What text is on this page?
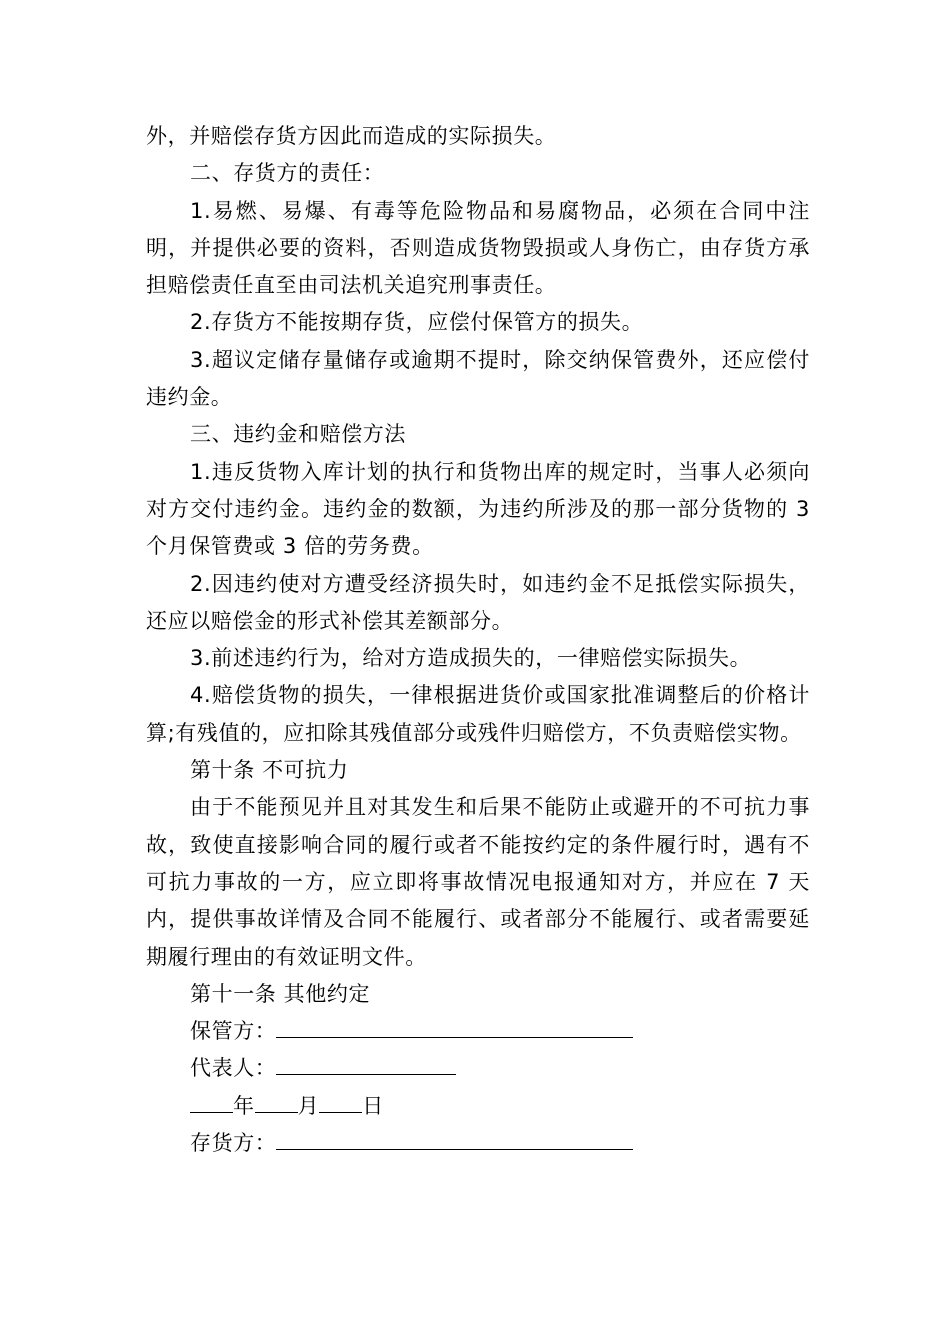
外，并赔偿存货方因此而造成的实际损失。

二、存货方的责任：

1.易燃、易爆、有毒等危险物品和易腐物品，必须在合同中注明，并提供必要的资料，否则造成货物毁损或人身伤亡，由存货方承担赔偿责任直至由司法机关追究刑事责任。

2.存货方不能按期存货，应偿付保管方的损失。

3.超议定储存量储存或逾期不提时，除交纳保管费外，还应偿付违约金。

三、违约金和赔偿方法

1.违反货物入库计划的执行和货物出库的规定时，当事人必须向对方交付违约金。违约金的数额，为违约所涉及的那一部分货物的 3 个月保管费或 3 倍的劳务费。

2.因违约使对方遭受经济损失时，如违约金不足抵偿实际损失，还应以赔偿金的形式补偿其差额部分。

3.前述违约行为，给对方造成损失的，一律赔偿实际损失。

4.赔偿货物的损失，一律根据进货价或国家批准调整后的价格计算;有残值的，应扣除其残值部分或残件归赔偿方，不负责赔偿实物。

第十条 不可抗力

由于不能预见并且对其发生和后果不能防止或避开的不可抗力事故，致使直接影响合同的履行或者不能按约定的条件履行时，遇有不可抗力事故的一方，应立即将事故情况电报通知对方，并应在 7 天内，提供事故详情及合同不能履行、或者部分不能履行、或者需要延期履行理由的有效证明文件。

第十一条 其他约定

保管方：

代表人：

年 月 日

存货方：
